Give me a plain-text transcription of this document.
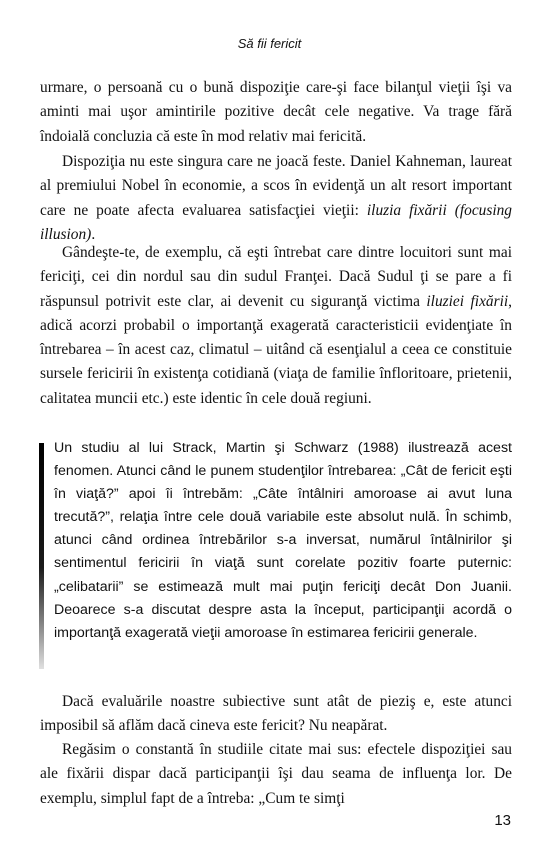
Să fii fericit

urmare, o persoană cu o bună dispoziţie care-şi face bilanţul vieţii îşi va aminti mai uşor amintirile pozitive decât cele negative. Va trage fără îndoială concluzia că este în mod relativ mai fericită.

Dispoziţia nu este singura care ne joacă feste. Daniel Kahneman, laureat al premiului Nobel în economie, a scos în evidenţă un alt resort important care ne poate afecta evaluarea satisfacţiei vieţii: iluzia fixării (focusing illusion).

Gândeşte-te, de exemplu, că eşti întrebat care dintre locuitori sunt mai fericiţi, cei din nordul sau din sudul Franţei. Dacă Sudul ţi se pare a fi răspunsul potrivit este clar, ai devenit cu siguranţă victima iluziei fixării, adică acorzi probabil o importanţă exagerată caracteristicii evidenţiate în întrebarea – în acest caz, climatul – uitând că esenţialul a ceea ce constituie sursele fericirii în existenţa cotidiană (viaţa de familie înfloritoare, prietenii, calitatea muncii etc.) este identic în cele două regiuni.

Un studiu al lui Strack, Martin şi Schwarz (1988) ilustrează acest fenomen. Atunci când le punem studenţilor întrebarea: „Cât de fericit eşti în viaţă?” apoi îi întrebăm: „Câte întâlniri amoroase ai avut luna trecută?”, relaţia între cele două variabile este absolut nulă. În schimb, atunci când ordinea întrebărilor s-a inversat, numărul întâlnirilor şi sentimentul fericirii în viaţă sunt corelate pozitiv foarte puternic: „celibatarii” se estimează mult mai puţin fericiţi decât Don Juanii. Deoarece s-a discutat despre asta la început, participanţii acordă o importanţă exagerată vieţii amoroase în estimarea fericirii generale.

Dacă evaluările noastre subiective sunt atât de pieziş e, este atunci imposibil să aflăm dacă cineva este fericit? Nu neapărat.

Regăsim o constantă în studiile citate mai sus: efectele dispoziţiei sau ale fixării dispar dacă participanţii îşi dau seama de influenţa lor. De exemplu, simplul fapt de a întreba: „Cum te simţi

13
